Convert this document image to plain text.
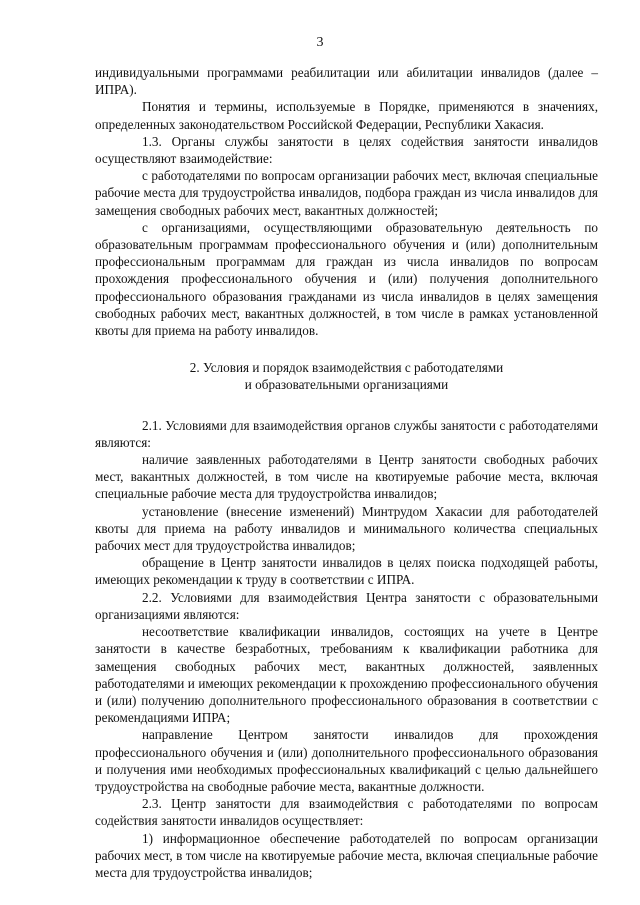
3

индивидуальными программами реабилитации или абилитации инвалидов (далее – ИПРА).

Понятия и термины, используемые в Порядке, применяются в значениях, определенных законодательством Российской Федерации, Республики Хакасия.

1.3. Органы службы занятости в целях содействия занятости инвалидов осуществляют взаимодействие:

с работодателями по вопросам организации рабочих мест, включая специальные рабочие места для трудоустройства инвалидов, подбора граждан из числа инвалидов для замещения свободных рабочих мест, вакантных должностей;

с организациями, осуществляющими образовательную деятельность по образовательным программам профессионального обучения и (или) дополнительным профессиональным программам для граждан из числа инвалидов по вопросам прохождения профессионального обучения и (или) получения дополнительного профессионального образования гражданами из числа инвалидов в целях замещения свободных рабочих мест, вакантных должностей, в том числе в рамках установленной квоты для приема на работу инвалидов.

2. Условия и порядок взаимодействия с работодателями
и образовательными организациями

2.1. Условиями для взаимодействия органов службы занятости с работодателями являются:

наличие заявленных работодателями в Центр занятости свободных рабочих мест, вакантных должностей, в том числе на квотируемые рабочие места, включая специальные рабочие места для трудоустройства инвалидов;

установление (внесение изменений) Минтрудом Хакасии для работодателей квоты для приема на работу инвалидов и минимального количества специальных рабочих мест для трудоустройства инвалидов;

обращение в Центр занятости инвалидов в целях поиска подходящей работы, имеющих рекомендации к труду в соответствии с ИПРА.

2.2. Условиями для взаимодействия Центра занятости с образовательными организациями являются:

несоответствие квалификации инвалидов, состоящих на учете в Центре занятости в качестве безработных, требованиям к квалификации работника для замещения свободных рабочих мест, вакантных должностей, заявленных работодателями и имеющих рекомендации к прохождению профессионального обучения и (или) получению дополнительного профессионального образования в соответствии с рекомендациями ИПРА;

направление Центром занятости инвалидов для прохождения профессионального обучения и (или) дополнительного профессионального образования и получения ими необходимых профессиональных квалификаций с целью дальнейшего трудоустройства на свободные рабочие места, вакантные должности.

2.3. Центр занятости для взаимодействия с работодателями по вопросам содействия занятости инвалидов осуществляет:

1) информационное обеспечение работодателей по вопросам организации рабочих мест, в том числе на квотируемые рабочие места, включая специальные рабочие места для трудоустройства инвалидов;
